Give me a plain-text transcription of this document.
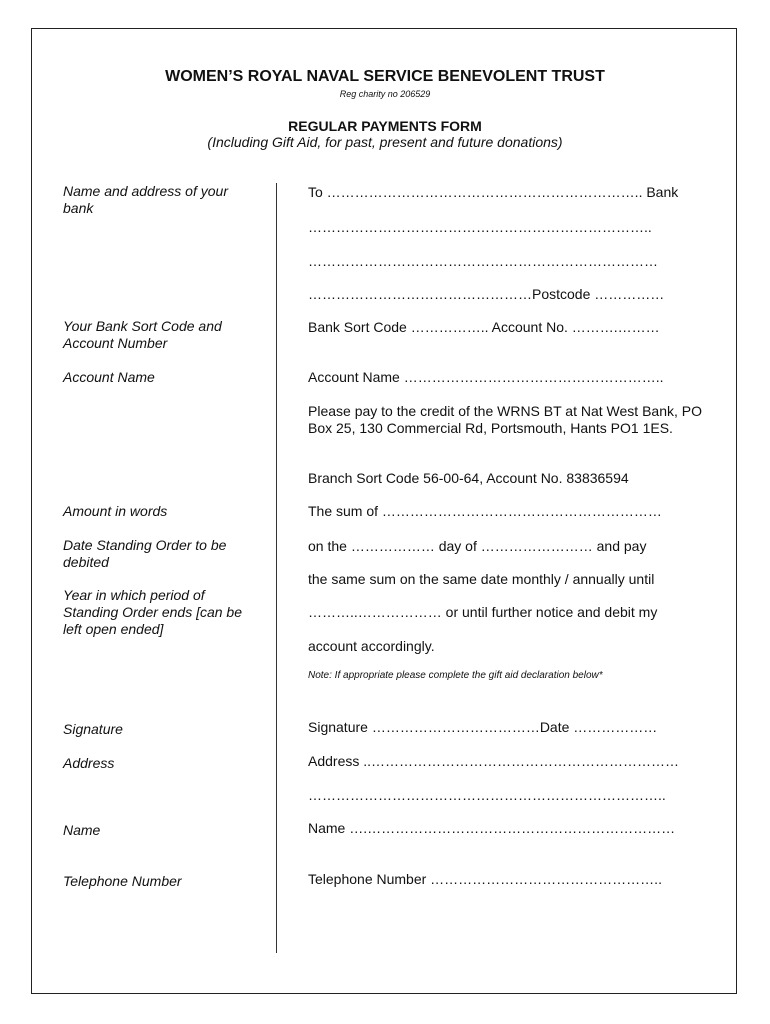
WOMEN’S ROYAL NAVAL SERVICE BENEVOLENT TRUST
Reg charity no 206529
REGULAR PAYMENTS FORM
(Including Gift Aid, for past, present and future donations)
Name and address of your bank
Your Bank Sort Code and Account Number
Account Name
Amount in words
Date Standing Order to be debited
Year in which period of Standing Order ends [can be left open ended]
Signature
Address
Name
Telephone Number
To ………………………………………………………….. Bank
………………………………………………………………..
…………………………………………………………………
…………………………………………Postcode ……………
Bank Sort Code …………….. Account No. ……….………
Account Name ………………………………………………..
Please pay to the credit of the WRNS BT at Nat West Bank, PO Box 25, 130 Commercial Rd, Portsmouth, Hants PO1 1ES.
Branch Sort Code 56-00-64, Account No. 83836594
The sum of ……………………………………………………
on the ……………… day of …………………… and pay
the same sum on the same date monthly / annually until
………..……………… or until further notice and debit my
account accordingly.
Note: If appropriate please complete the gift aid declaration below*
Signature ………………………………Date ………………
Address ..…………………………………………………………
…………………………………………………………………..
Name ….…………………………………………………………
Telephone Number …………………………………………..
